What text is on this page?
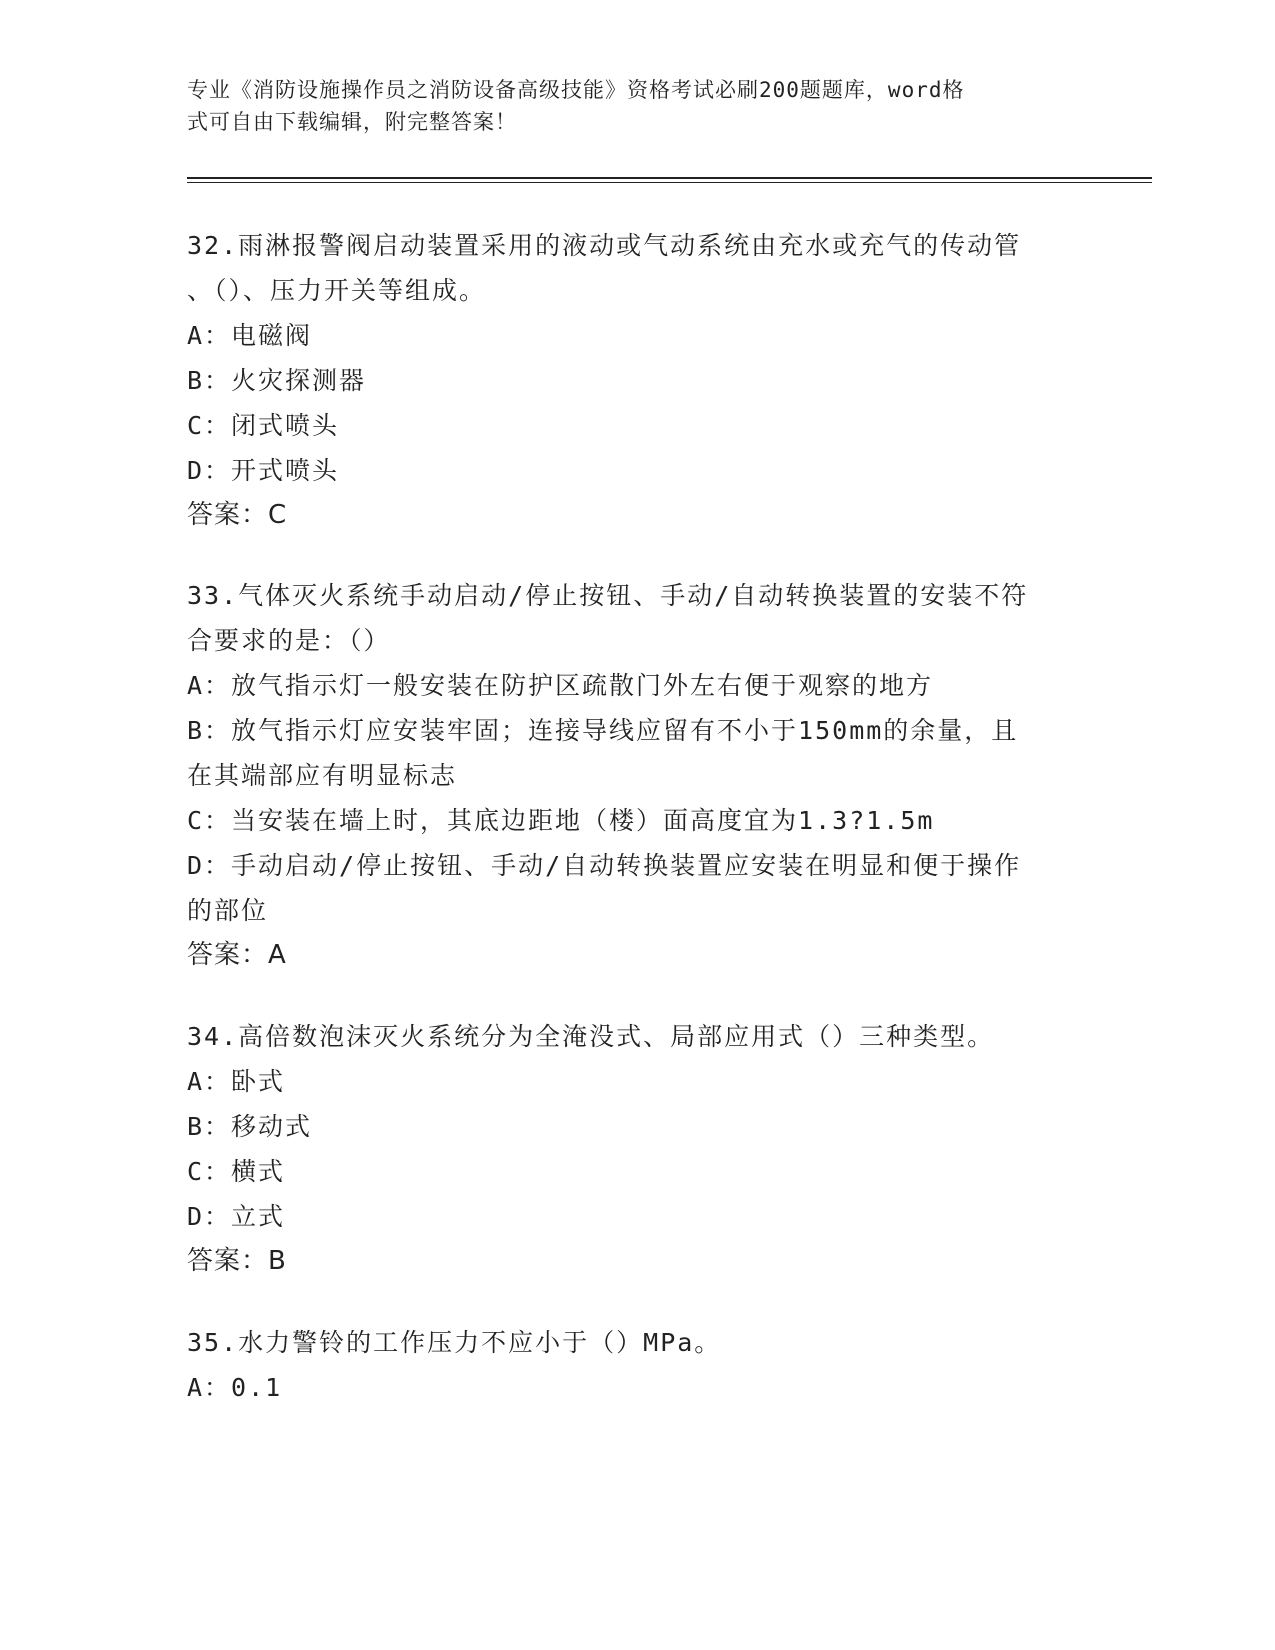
专业《消防设施操作员之消防设备高级技能》资格考试必刷200题题库，word格
式可自由下载编辑，附完整答案！
32.雨淋报警阀启动装置采用的液动或气动系统由充水或充气的传动管
、（）、压力开关等组成。
A：电磁阀
B：火灾探测器
C：闭式喷头
D：开式喷头
答案：C
33.气体灭火系统手动启动/停止按钮、手动/自动转换装置的安装不符
合要求的是：（）
A：放气指示灯一般安装在防护区疏散门外左右便于观察的地方
B：放气指示灯应安装牢固；连接导线应留有不小于150mm的余量，且
在其端部应有明显标志
C：当安装在墙上时，其底边距地（楼）面高度宜为1.3?1.5m
D：手动启动/停止按钮、手动/自动转换装置应安装在明显和便于操作
的部位
答案：A
34.高倍数泡沫灭火系统分为全淹没式、局部应用式（）三种类型。
A：卧式
B：移动式
C：横式
D：立式
答案：B
35.水力警铃的工作压力不应小于（）MPa。
A：0.1
